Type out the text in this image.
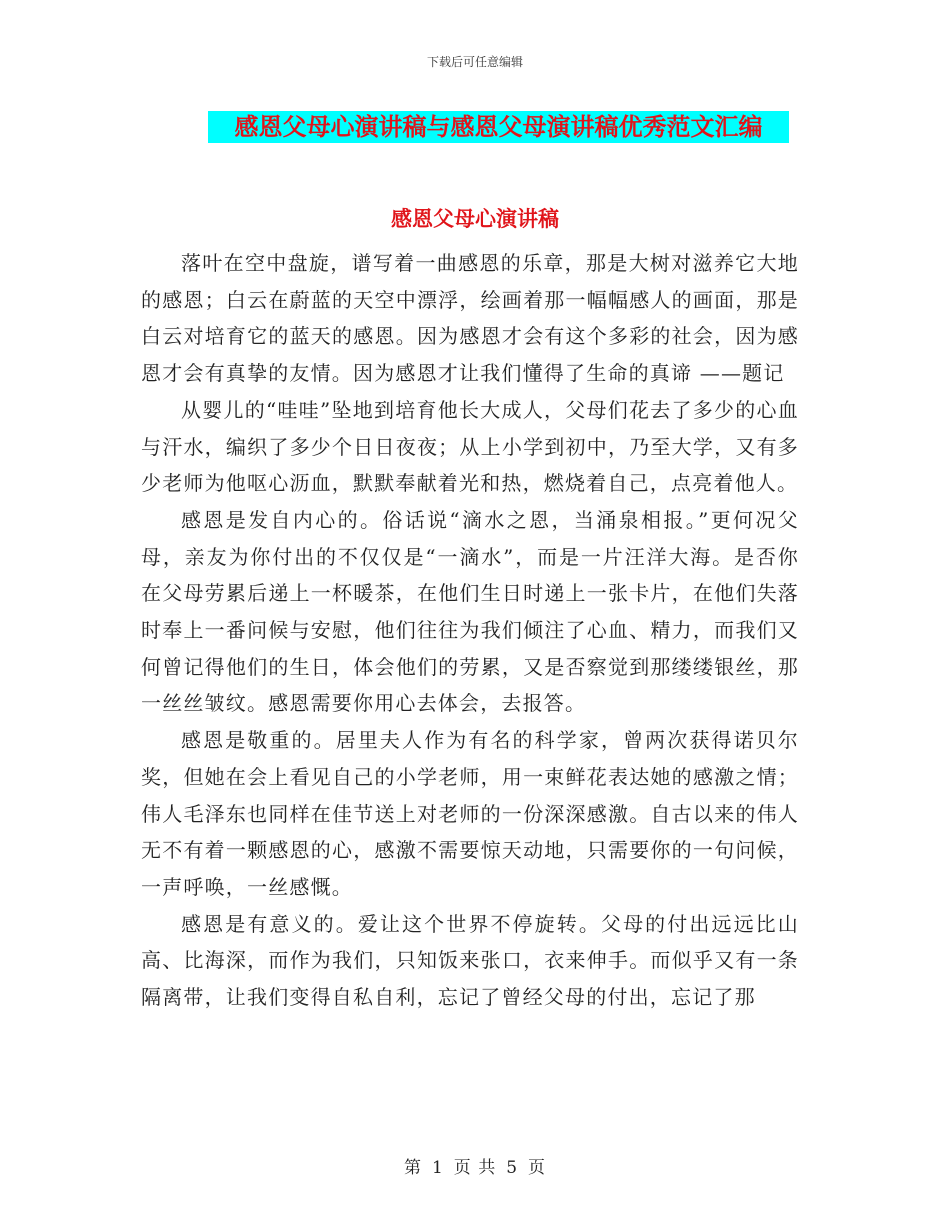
下载后可任意编辑
感恩父母心演讲稿与感恩父母演讲稿优秀范文汇编
感恩父母心演讲稿

落叶在空中盘旋，谱写着一曲感恩的乐章，那是大树对滋养它大地的感恩；白云在蔚蓝的天空中漂浮，绘画着那一幅幅感人的画面，那是白云对培育它的蓝天的感恩。因为感恩才会有这个多彩的社会，因为感恩才会有真挚的友情。因为感恩才让我们懂得了生命的真谛 ——题记

从婴儿的“哇哇”坠地到培育他长大成人，父母们花去了多少的心血与汗水，编织了多少个日日夜夜；从上小学到初中，乃至大学，又有多少老师为他呕心沥血，默默奉献着光和热，燃烧着自己，点亮着他人。

感恩是发自内心的。俗话说“滴水之恩，当涌泉相报。”更何况父母，亲友为你付出的不仅仅是“一滴水”，而是一片汪洋大海。是否你在父母劳累后递上一杯暖茶，在他们生日时递上一张卡片，在他们失落时奉上一番问候与安慰，他们往往为我们倾注了心血、精力，而我们又何曾记得他们的生日，体会他们的劳累，又是否察觉到那缕缕银丝，那一丝丝皱纹。感恩需要你用心去体会，去报答。

感恩是敬重的。居里夫人作为有名的科学家，曾两次获得诺贝尔奖，但她在会上看见自己的小学老师，用一束鲜花表达她的感激之情；伟人毛泽东也同样在佳节送上对老师的一份深深感激。自古以来的伟人无不有着一颗感恩的心，感激不需要惊天动地，只需要你的一句问候，一声呼唤，一丝感慨。

感恩是有意义的。爱让这个世界不停旋转。父母的付出远远比山高、比海深，而作为我们，只知饭来张口，衣来伸手。而似乎又有一条隔离带，让我们变得自私自利，忘记了曾经父母的付出，忘记了那

第 1 页 共 5 页
